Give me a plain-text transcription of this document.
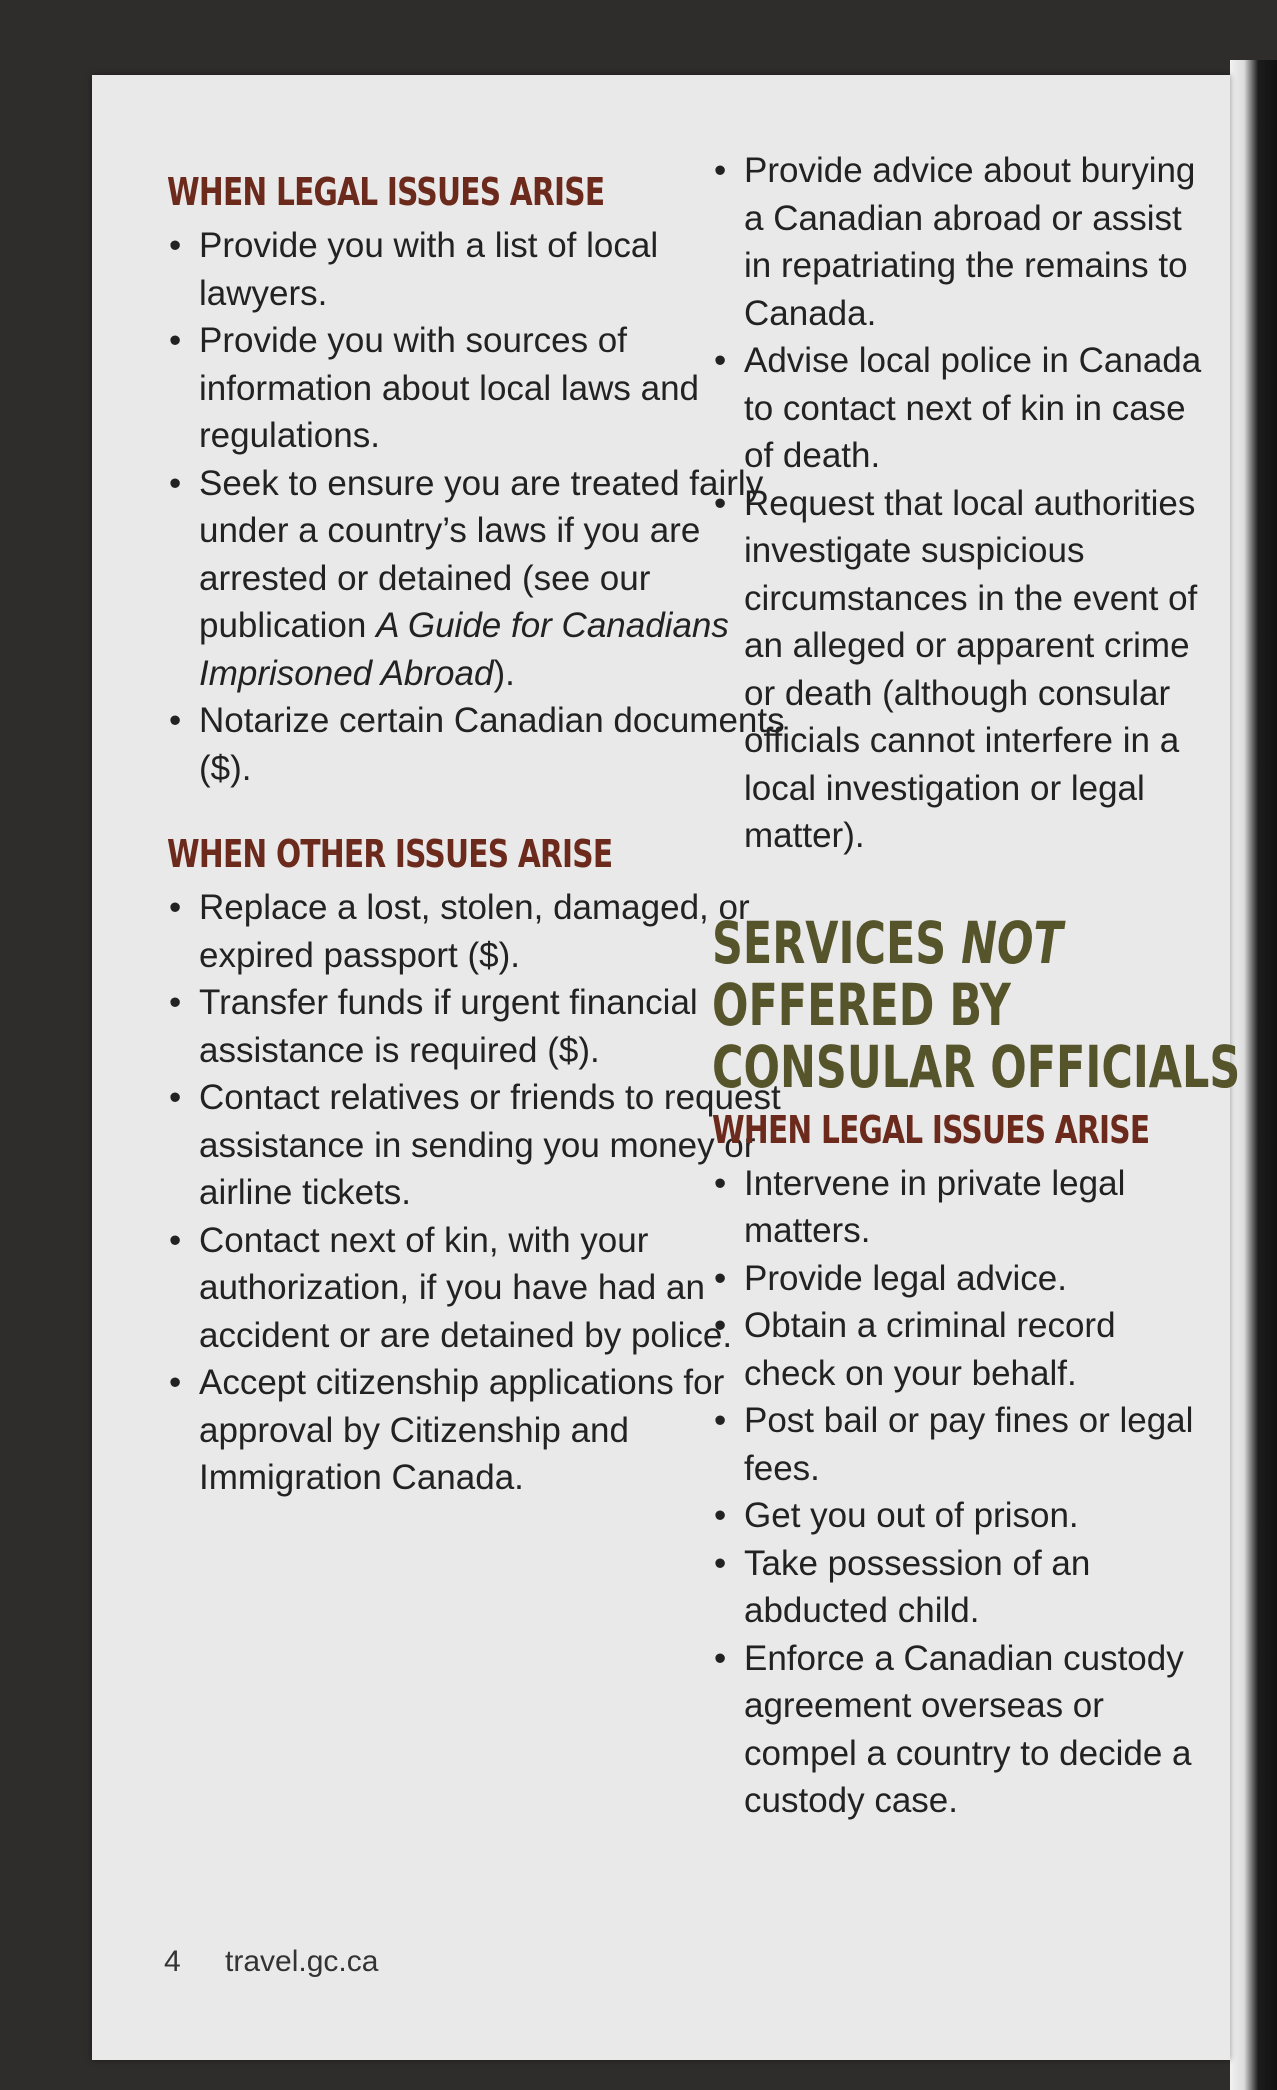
WHEN LEGAL ISSUES ARISE
• Provide you with a list of local lawyers.
• Provide you with sources of information about local laws and regulations.
• Seek to ensure you are treated fairly under a country’s laws if you are arrested or detained (see our publication A Guide for Canadians Imprisoned Abroad).
• Notarize certain Canadian documents ($).
WHEN OTHER ISSUES ARISE
• Replace a lost, stolen, damaged, or expired passport ($).
• Transfer funds if urgent financial assistance is required ($).
• Contact relatives or friends to request assistance in sending you money or airline tickets.
• Contact next of kin, with your authorization, if you have had an accident or are detained by police.
• Accept citizenship applications for approval by Citizenship and Immigration Canada.
• Provide advice about burying a Canadian abroad or assist in repatriating the remains to Canada.
• Advise local police in Canada to contact next of kin in case of death.
• Request that local authorities investigate suspicious circumstances in the event of an alleged or apparent crime or death (although consular officials cannot interfere in a local investigation or legal matter).
SERVICES NOT
OFFERED BY
CONSULAR OFFICIALS
WHEN LEGAL ISSUES ARISE
• Intervene in private legal matters.
• Provide legal advice.
• Obtain a criminal record check on your behalf.
• Post bail or pay fines or legal fees.
• Get you out of prison.
• Take possession of an abducted child.
• Enforce a Canadian custody agreement overseas or compel a country to decide a custody case.
4 travel.gc.ca
